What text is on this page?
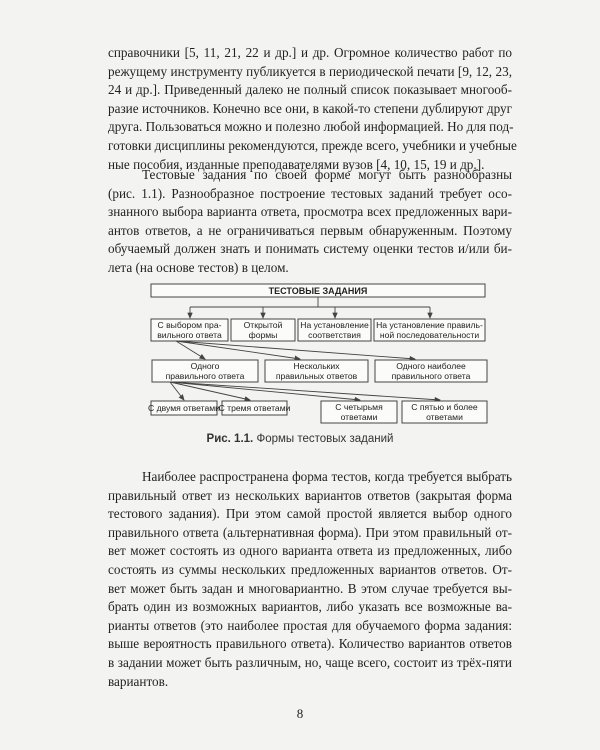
справочники [5, 11, 21, 22 и др.] и др. Огромное количество работ по
режущему инструменту публикуется в периодической печати [9, 12, 23,
24 и др.]. Приведенный далеко не полный список показывает многооб-
разие источников. Конечно все они, в какой-то степени дублируют друг
друга. Пользоваться можно и полезно любой информацией. Но для под-
готовки дисциплины рекомендуются, прежде всего, учебники и учебные
ные пособия, изданные преподавателями вузов [4, 10, 15, 19 и др.].

Тестовые задания по своей форме могут быть разнообразны
(рис. 1.1). Разнообразное построение тестовых заданий требует осо-
знанного выбора варианта ответа, просмотра всех предложенных вари-
антов ответов, а не ограничиваться первым обнаруженным. Поэтому
обучаемый должен знать и понимать систему оценки тестов и/или би-
лета (на основе тестов) в целом.

ТЕСТОВЫЕ ЗАДАНИЯ
С выбором пра-
вильного ответа
Открытой
формы
На установление
соответствия
На установление правиль-
ной последовательности
Одного
правильного ответа
Нескольких
правильных ответов
Одного наиболее
правильного ответа
С двумя ответами
С тремя ответами	С четырьмя
ответами
С пятью и более
ответами
Рис. 1.1. Формы тестовых заданий

Наиболее распространена форма тестов, когда требуется выбрать
правильный ответ из нескольких вариантов ответов (закрытая форма
тестового задания). При этом самой простой является выбор одного
правильного ответа (альтернативная форма). При этом правильный от-
вет может состоять из одного варианта ответа из предложенных, либо
состоять из суммы нескольких предложенных вариантов ответов. От-
вет может быть задан и многовариантно. В этом случае требуется вы-
брать один из возможных вариантов, либо указать все возможные ва-
рианты ответов (это наиболее простая для обучаемого форма задания:
выше вероятность правильного ответа). Количество вариантов ответов
в задании может быть различным, но, чаще всего, состоит из трёх-пяти
вариантов.

8
